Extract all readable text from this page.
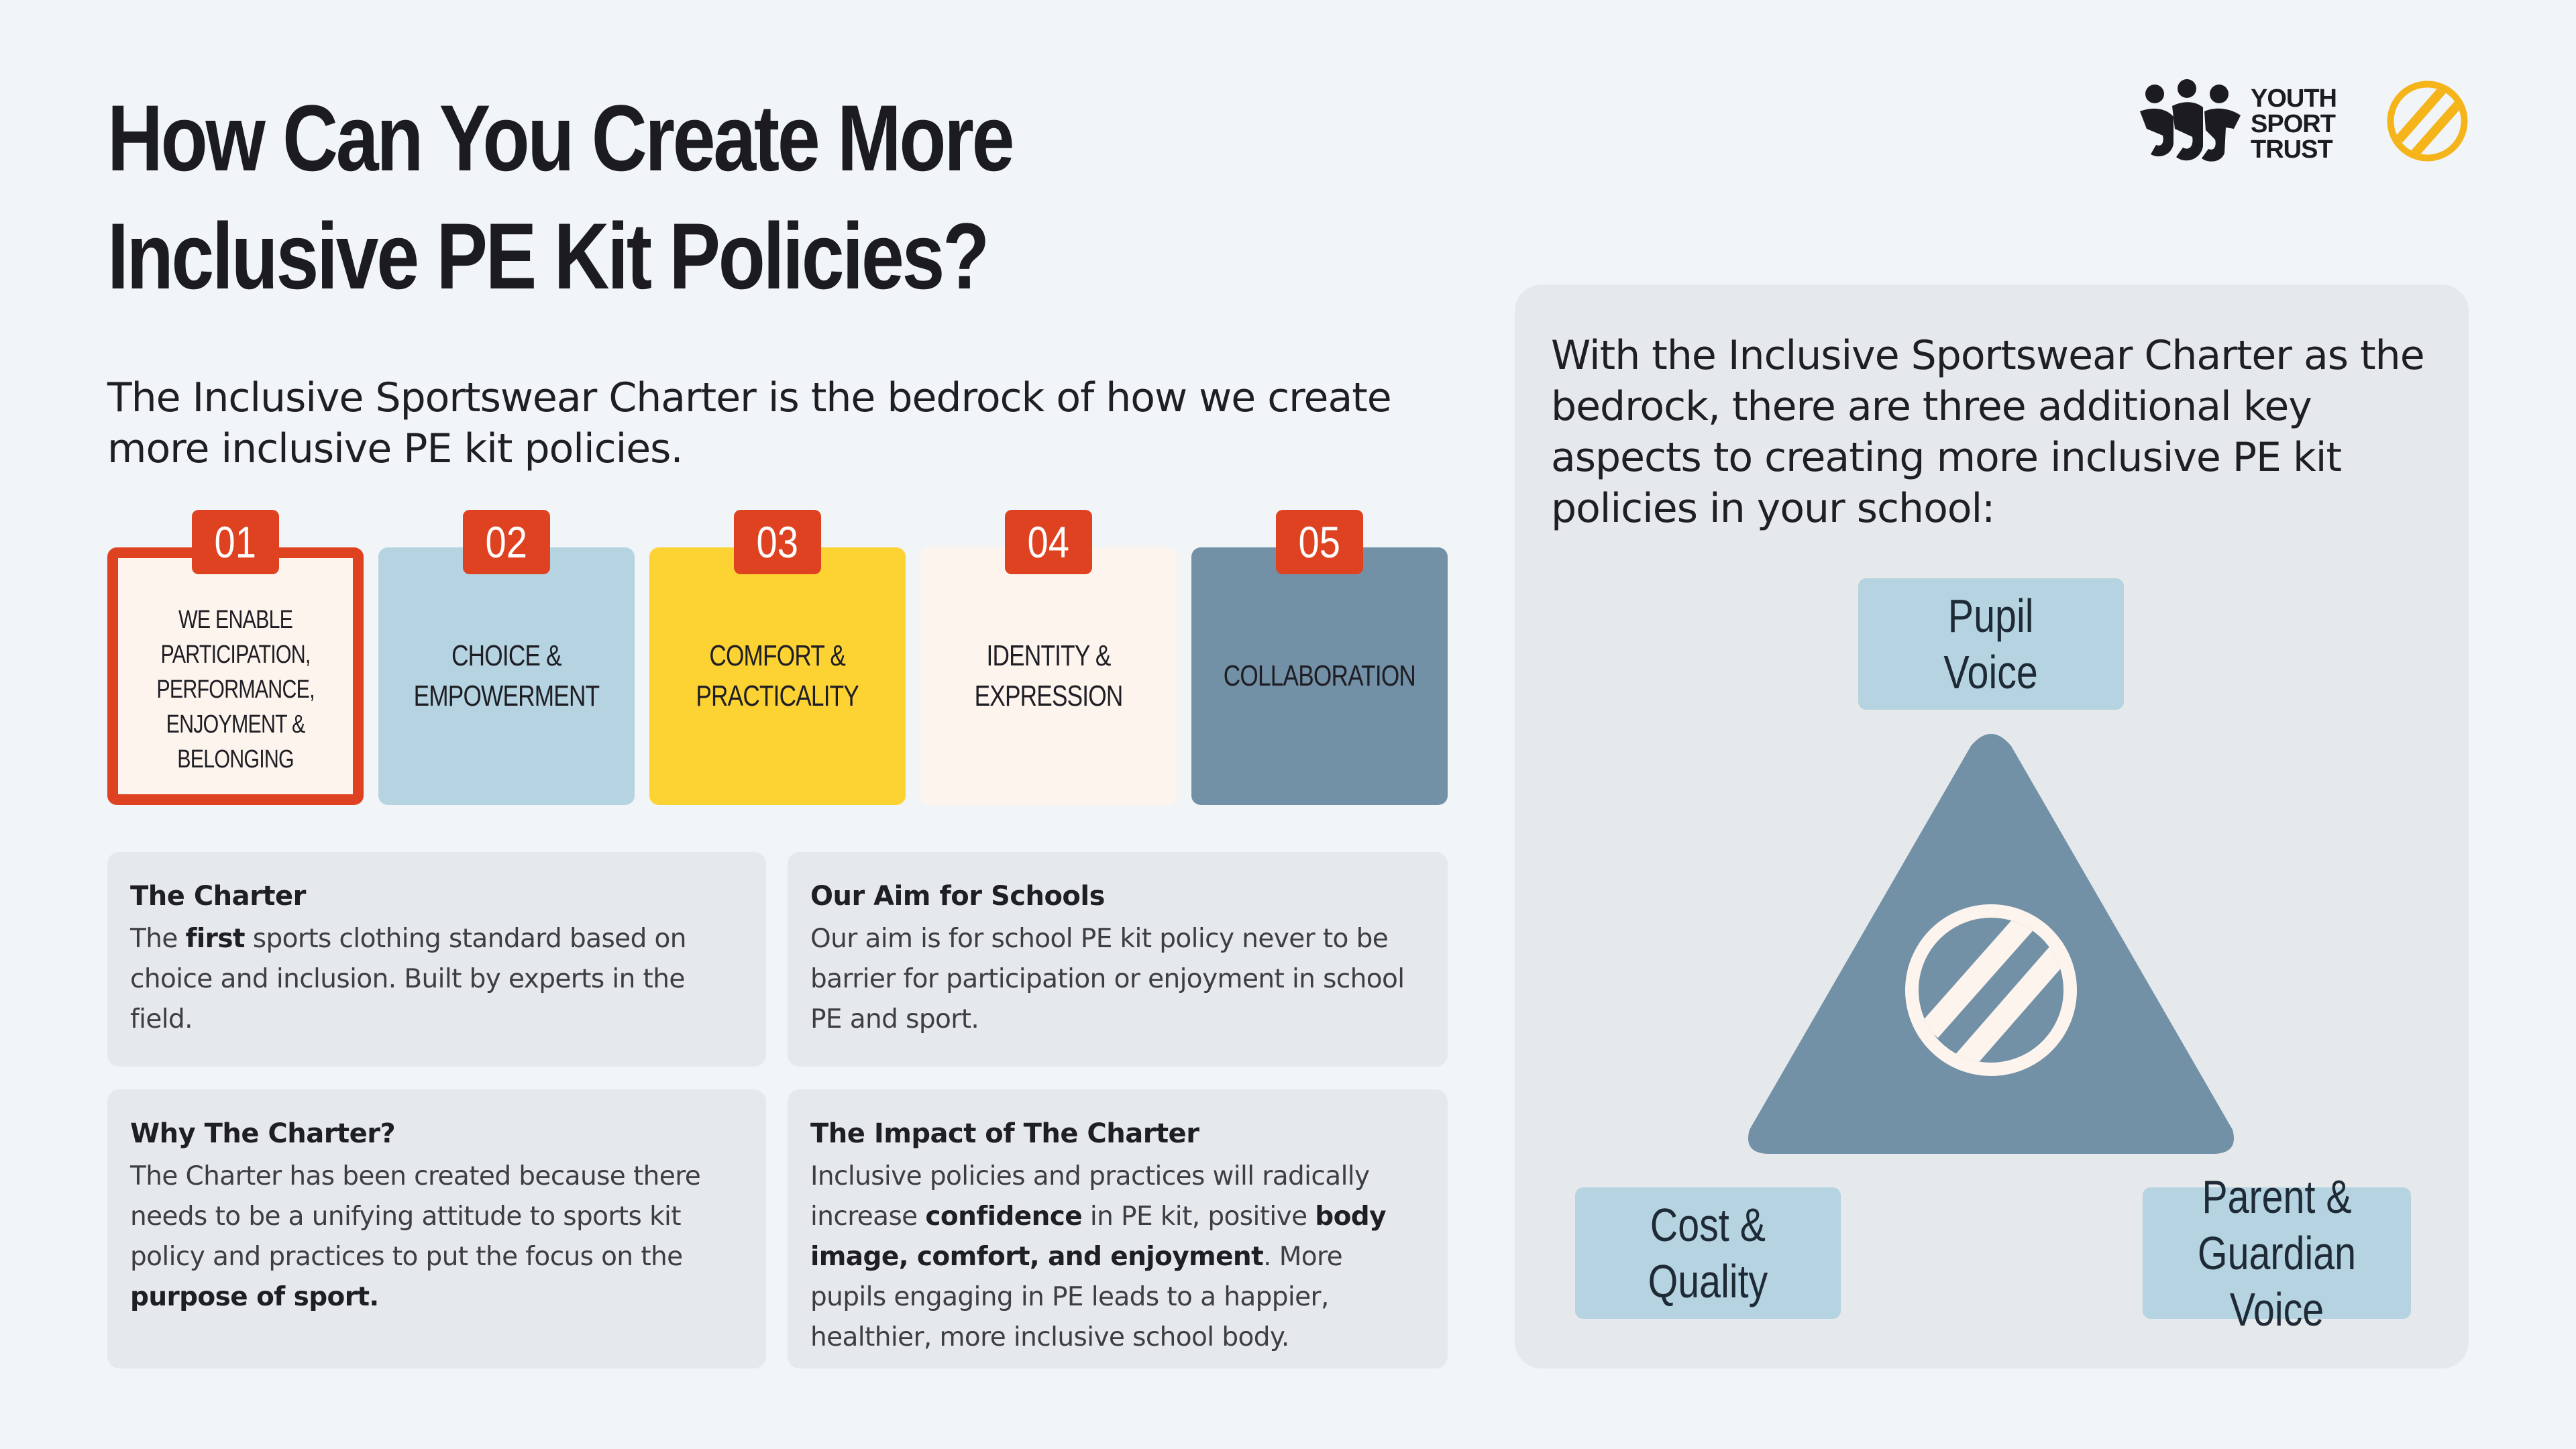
How Can You Create More Inclusive PE Kit Policies?
YOUTH
SPORT
TRUST

The Inclusive Sportswear Charter is the bedrock of how we create more inclusive PE kit policies.

WE ENABLE
PARTICIPATION,
PERFORMANCE,
ENJOYMENT &
BELONGING
CHOICE &
EMPOWERMENT
COMFORT &
PRACTICALITY
IDENTITY &
EXPRESSION
COLLABORATION
01	02	03	04	05
The Charter

The first sports clothing standard based on choice and inclusion. Built by experts in the field.

Our Aim for Schools

Our aim is for school PE kit policy never to be barrier for participation or enjoyment in school PE and sport.

Why The Charter?

The Charter has been created because there needs to be a unifying attitude to sports kit policy and practices to put the focus on the purpose of sport.

The Impact of The Charter

Inclusive policies and practices will radically increase confidence in PE kit, positive body image, comfort, and enjoyment. More pupils engaging in PE leads to a happier, healthier, more inclusive school body.

With the Inclusive Sportswear Charter as the bedrock, there are three additional key aspects to creating more inclusive PE kit policies in your school:

Pupil
Voice
Cost &
Quality
Parent &
Guardian Voice
